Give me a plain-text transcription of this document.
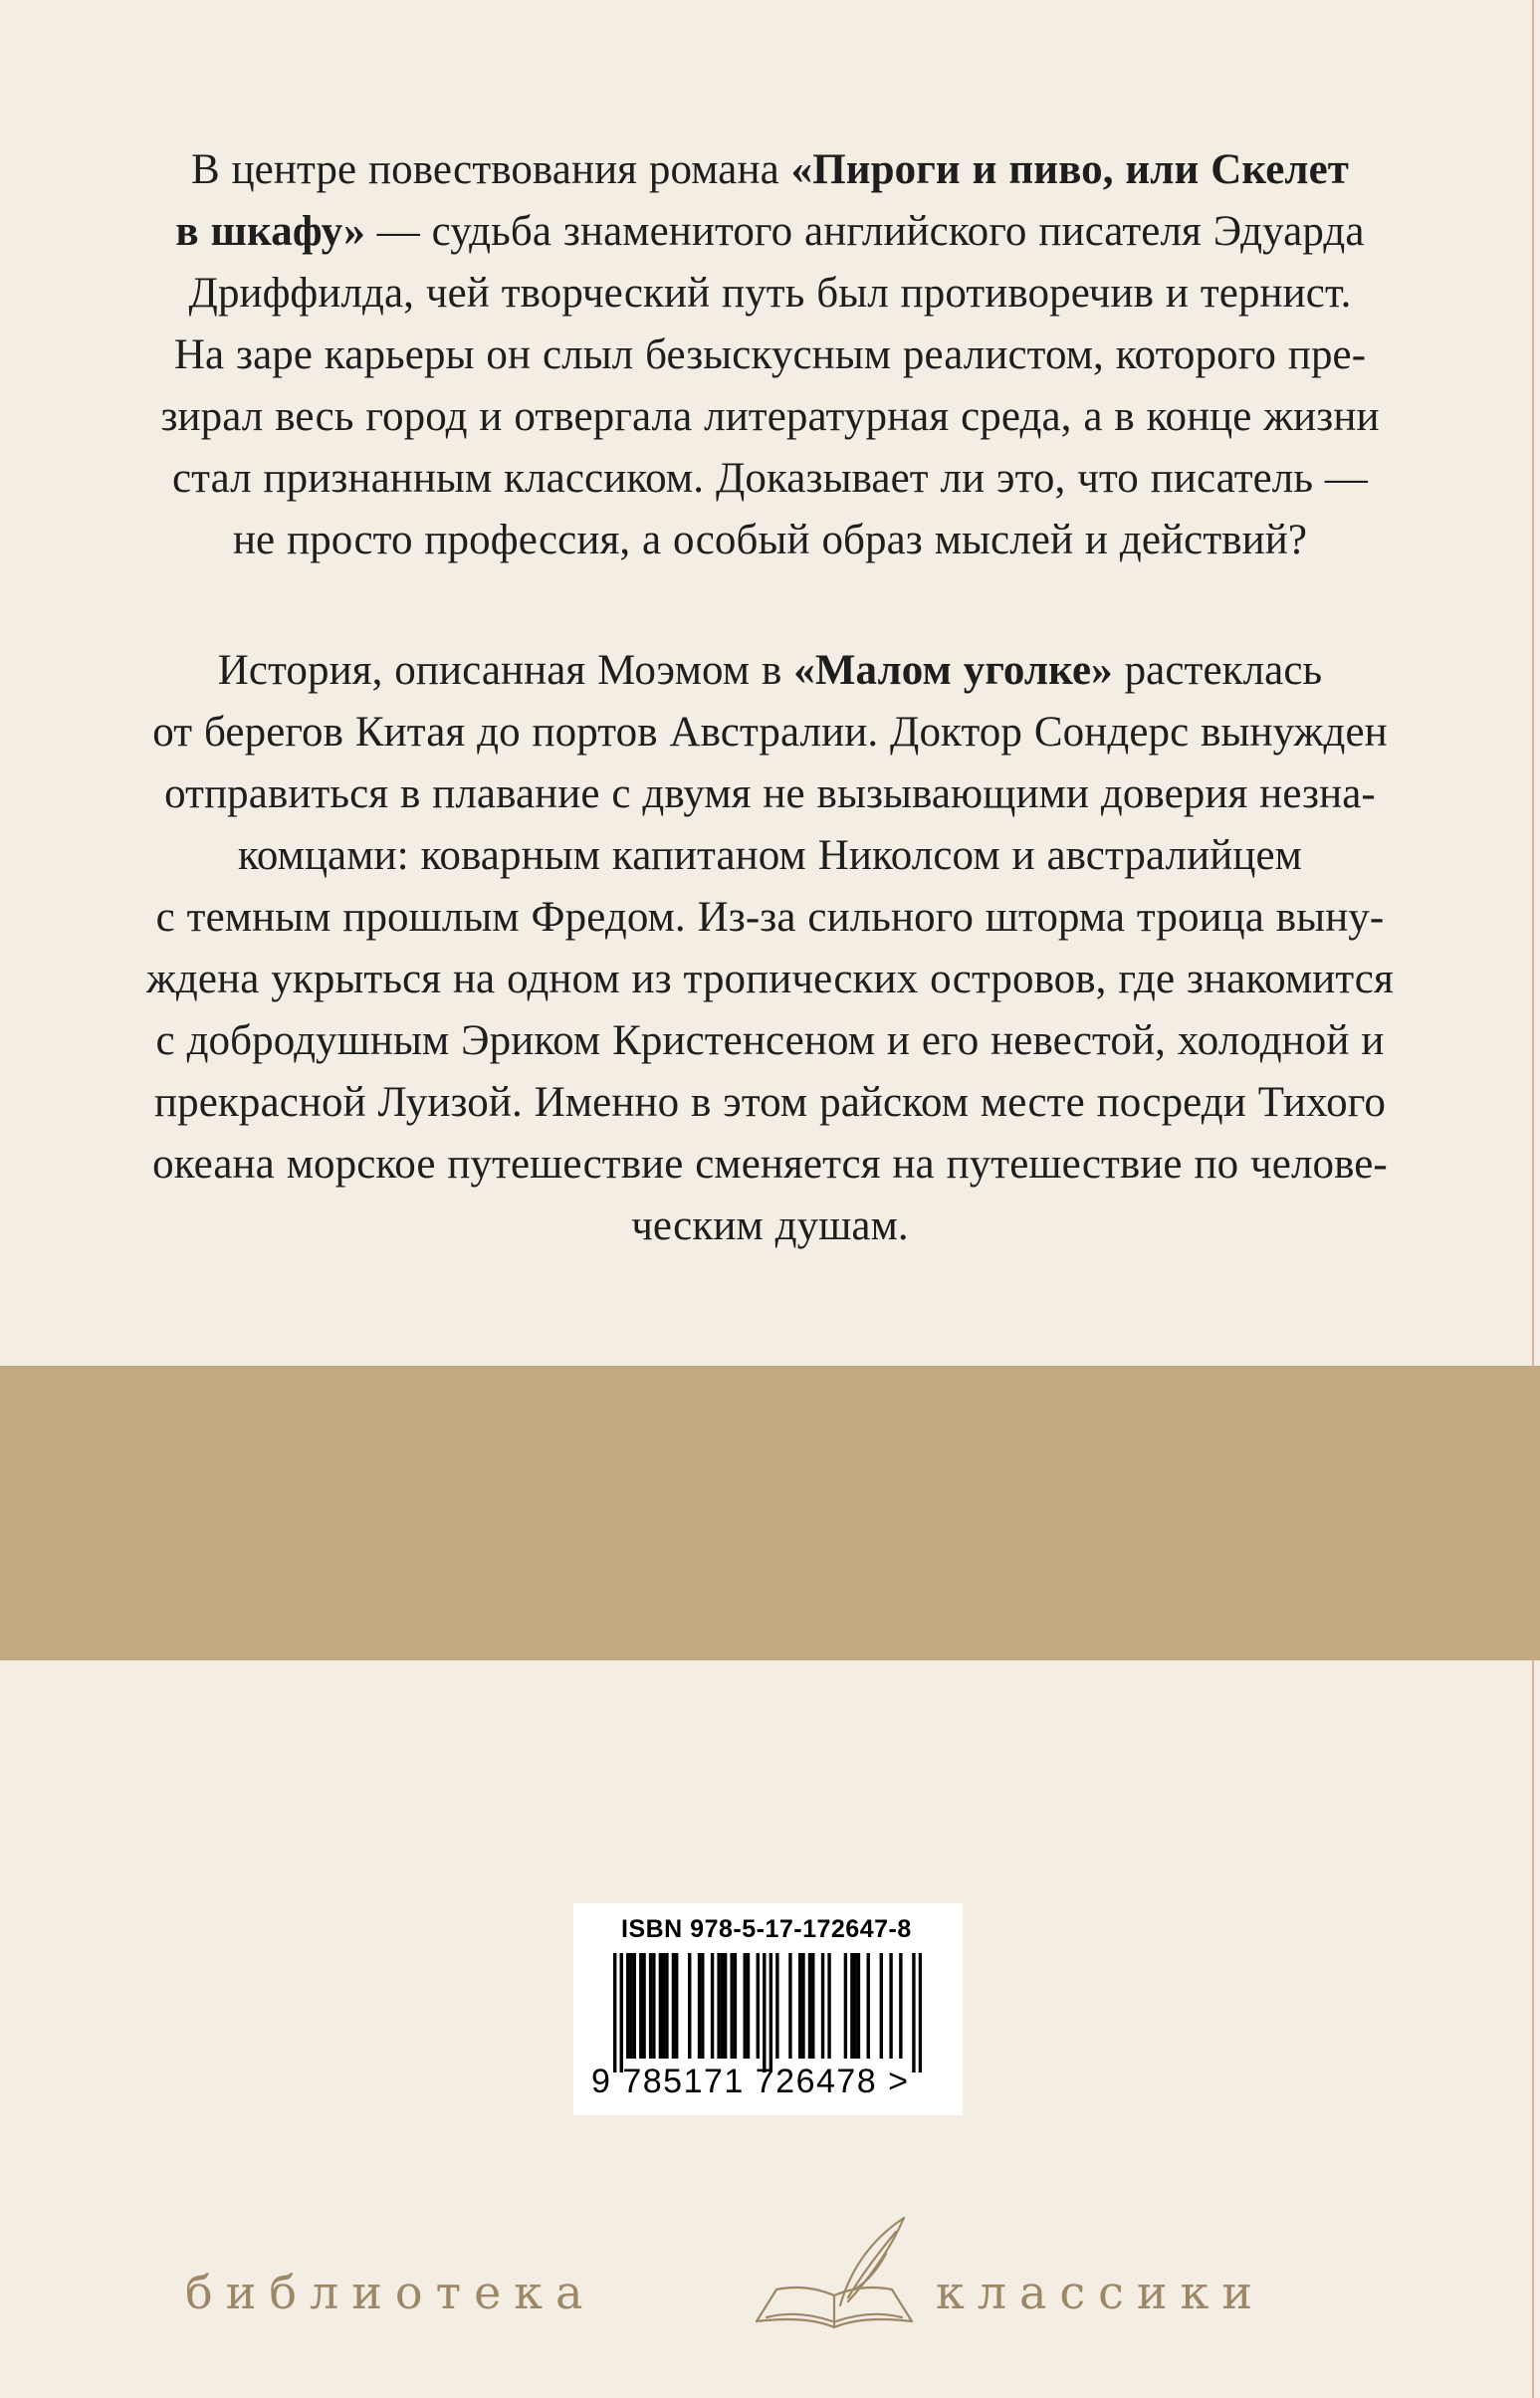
В центре повествования романа «Пироги и пиво, или Скелет
в шкафу» — судьба знаменитого английского писателя Эдуарда
Дриффилда, чей творческий путь был противоречив и тернист.
На заре карьеры он слыл безыскусным реалистом, которого пре-
зирал весь город и отвергала литературная среда, а в конце жизни
стал признанным классиком. Доказывает ли это, что писатель —
не просто профессия, а особый образ мыслей и действий?
История, описанная Моэмом в «Малом уголке» растеклась
от берегов Китая до портов Австралии. Доктор Сондерс вынужден
отправиться в плавание с двумя не вызывающими доверия незна-
комцами: коварным капитаном Николсом и австралийцем
с темным прошлым Фредом. Из-за сильного шторма троица выну-
ждена укрыться на одном из тропических островов, где знакомится
с добродушным Эриком Кристенсеном и его невестой, холодной и
прекрасной Луизой. Именно в этом райском месте посреди Тихого
океана морское путешествие сменяется на путешествие по челове-
ческим душам.
ISBN 978-5-17-172647-8
9 785171 726478 >
библиотека	классики
